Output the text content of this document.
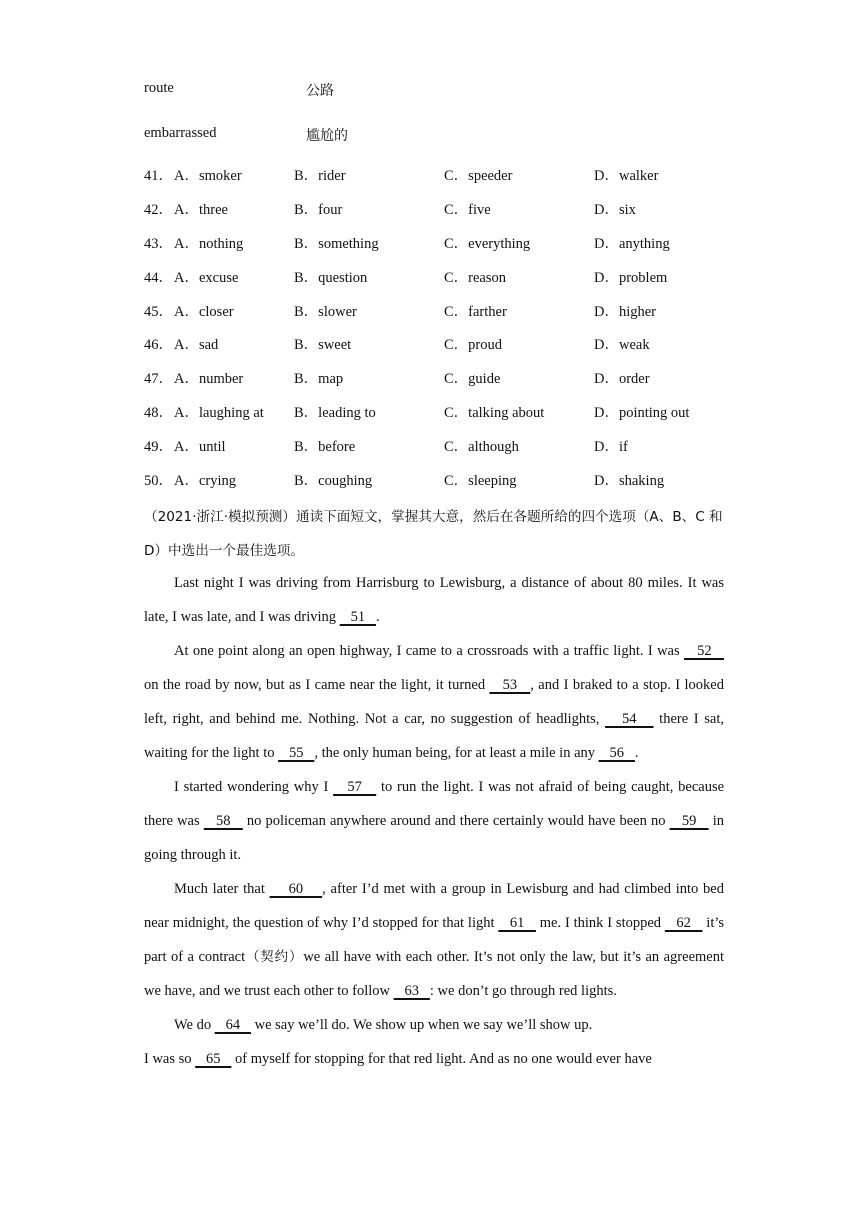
route	公路
embarrassed	尴尬的
41． A．smoker	B．rider	C．speeder	D．walker
42． A．three	B．four	C．five	D．six
43． A．nothing	B．something	C．everything	D．anything
44． A．excuse	B．question	C．reason	D．problem
45． A．closer	B．slower	C．farther	D．higher
46． A．sad	B．sweet	C．proud	D．weak
47． A．number	B．map	C．guide	D．order
48． A．laughing at B．leading to	C．talking about	D．pointing out
49． A．until	B．before	C．although	D．if
50． A．crying	B．coughing	C．sleeping	D．shaking
（2021·浙江·模拟预测）通读下面短文，掌握其大意，然后在各题所给的四个选项（A、B、C 和 D）中选出一个最佳选项。

Last night I was driving from Harrisburg to Lewisburg, a distance of about 80 miles. It was late, I was late, and I was driving    51   .

At one point along an open highway, I came to a crossroads with a traffic light. I was    52    on the road by now, but as I came near the light, it turned    53   , and I braked to a stop. I looked left, right, and behind me. Nothing. Not a car, no suggestion of headlights,    54    there I sat, waiting for the light to    55   , the only human being, for at least a mile in any    56   .

I started wondering why I    57    to run the light. I was not afraid of being caught, because there was    58    no policeman anywhere around and there certainly would have been no    59    in going through it.

Much later that     60    , after I’d met with a group in Lewisburg and had climbed into bed near midnight, the question of why I’d stopped for that light    61    me. I think I stopped    62    it’s part of a contract（契约）we all have with each other. It’s not only the law, but it’s an agreement we have, and we trust each other to follow    63   : we don’t go through red lights.

We do    64    we say we’ll do. We show up when we say we’ll show up.

I was so    65    of myself for stopping for that red light. And as no one would ever have
